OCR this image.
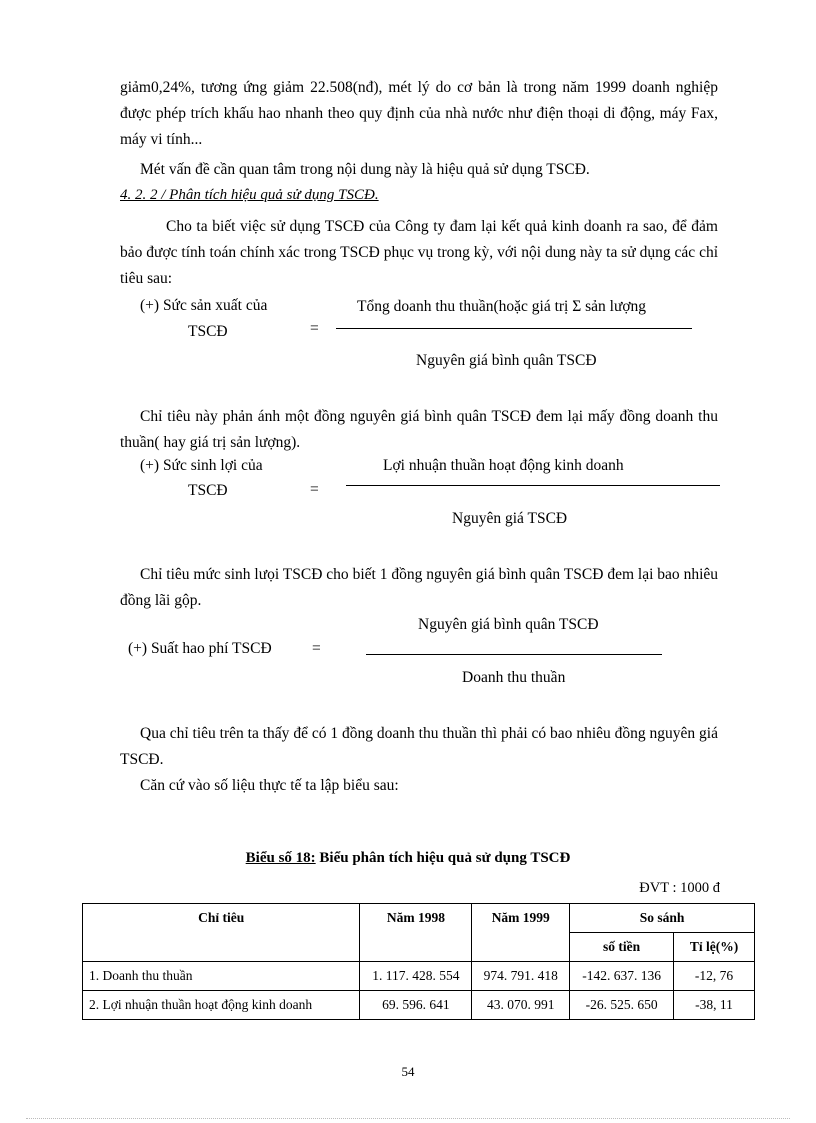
giảm0,24%, tương ứng giảm 22.508(nđ), mét lý do cơ bản là trong năm 1999 doanh nghiệp được phép trích khấu hao nhanh theo quy định của nhà nước như điện thoại di động, máy Fax, máy vi tính...

Mét vấn đề cần quan tâm trong nội dung này là hiệu quả sử dụng TSCĐ.

4. 2. 2 / Phân tích hiệu quả sử dụng TSCĐ.

Cho ta biết việc sử dụng TSCĐ của Công ty đam lại kết quả kinh doanh ra sao, để đảm bảo được tính toán chính xác trong TSCĐ phục vụ trong kỳ, với nội dung này ta sử dụng các chỉ tiêu sau:

(+) Sức sản xuất của
TSCĐ	=
Tổng doanh thu thuần(hoặc giá trị Σ sản lượng
Nguyên giá bình quân TSCĐ

Chỉ tiêu này phản ánh một đồng nguyên giá bình quân TSCĐ đem lại mấy đồng doanh thu thuần( hay giá trị sản lượng).

(+) Sức sinh lợi của
TSCĐ	=
Lợi nhuận thuần hoạt động kinh doanh
Nguyên giá TSCĐ

Chỉ tiêu mức sinh lưọi TSCĐ cho biết 1 đồng nguyên giá bình quân TSCĐ đem lại bao nhiêu đồng lãi gộp.

Nguyên giá bình quân TSCĐ
(+) Suất hao phí TSCĐ	=
Doanh thu thuần

Qua chỉ tiêu trên ta thấy để có 1 đồng doanh thu thuần thì phải có bao nhiêu đồng nguyên giá TSCĐ.

Căn cứ vào số liệu thực tế ta lập biểu sau:

Biểu số 18: Biểu phân tích hiệu quả sử dụng TSCĐ
ĐVT : 1000 đ
Chỉ tiêu	Năm 1998	Năm 1999	So sánh	
			số tiền	Tỉ lệ(%)
1. Doanh thu thuần	1. 117. 428. 554	974. 791. 418	-142. 637. 136	-12, 76
2. Lợi nhuận thuần hoạt động kinh doanh	69. 596. 641	43. 070. 991	-26. 525. 650	-38, 11
54
